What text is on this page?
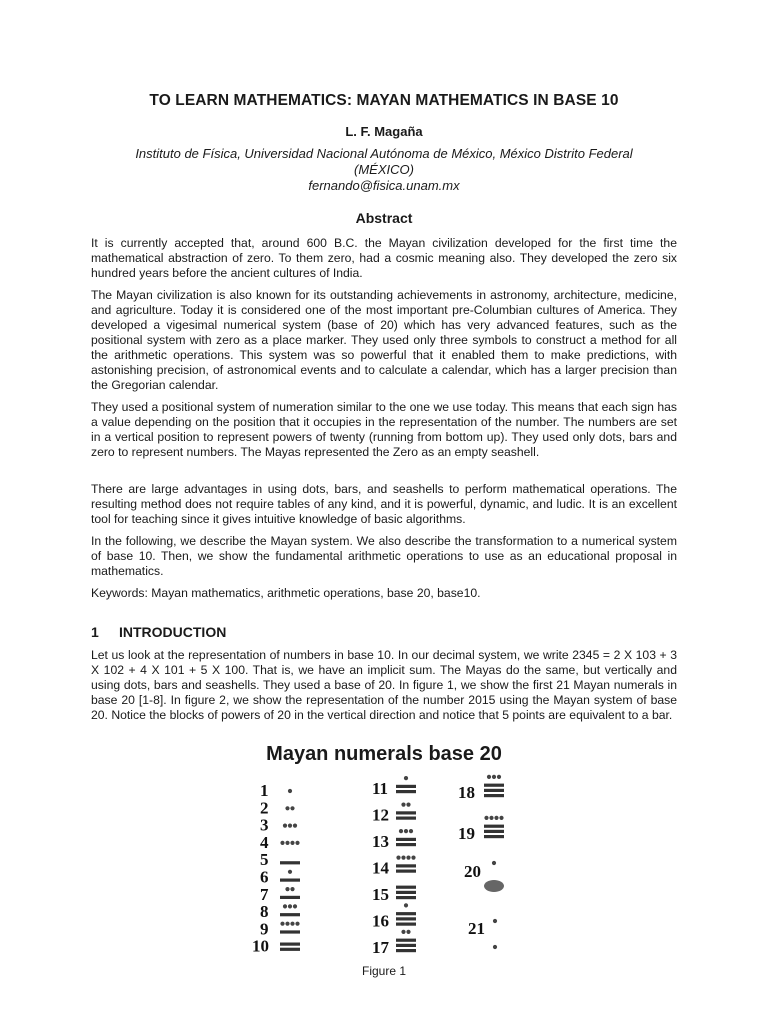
TO LEARN MATHEMATICS: MAYAN MATHEMATICS IN BASE 10
L. F. Magaña
Instituto de Física, Universidad Nacional Autónoma de México, México Distrito Federal
(MÉXICO)
fernando@fisica.unam.mx
Abstract
It is currently accepted that, around 600 B.C. the Mayan civilization developed for the first time the mathematical abstraction of zero. To them zero, had a cosmic meaning also. They developed the zero six hundred years before the ancient cultures of India.
The Mayan civilization is also known for its outstanding achievements in astronomy, architecture, medicine, and agriculture. Today it is considered one of the most important pre-Columbian cultures of America. They developed a vigesimal numerical system (base of 20) which has very advanced features, such as the positional system with zero as a place marker. They used only three symbols to construct a method for all the arithmetic operations. This system was so powerful that it enabled them to make predictions, with astonishing precision, of astronomical events and to calculate a calendar, which has a larger precision than the Gregorian calendar.
They used a positional system of numeration similar to the one we use today. This means that each sign has a value depending on the position that it occupies in the representation of the number. The numbers are set in a vertical position to represent powers of twenty (running from bottom up). They used only dots, bars and zero to represent numbers. The Mayas represented the Zero as an empty seashell.
There are large advantages in using dots, bars, and seashells to perform mathematical operations. The resulting method does not require tables of any kind, and it is powerful, dynamic, and ludic. It is an excellent tool for teaching since it gives intuitive knowledge of basic algorithms.
In the following, we describe the Mayan system. We also describe the transformation to a numerical system of base 10. Then, we show the fundamental arithmetic operations to use as an educational proposal in mathematics.
Keywords: Mayan mathematics, arithmetic operations, base 20, base10.
1 INTRODUCTION
Let us look at the representation of numbers in base 10. In our decimal system, we write 2345 = 2 X 103 + 3 X 102 + 4 X 101 + 5 X 100. That is, we have an implicit sum. The Mayas do the same, but vertically and using dots, bars and seashells. They used a base of 20. In figure 1, we show the first 21 Mayan numerals in base 20 [1-8]. In figure 2, we show the representation of the number 2015 using the Mayan system of base 20. Notice the blocks of powers of 20 in the vertical direction and notice that 5 points are equivalent to a bar.
Mayan numerals base 20
1
2
3
4
5
6
7
8
9
10
11
12
13
14
15
16
17
18
19
20
21
Figure 1
